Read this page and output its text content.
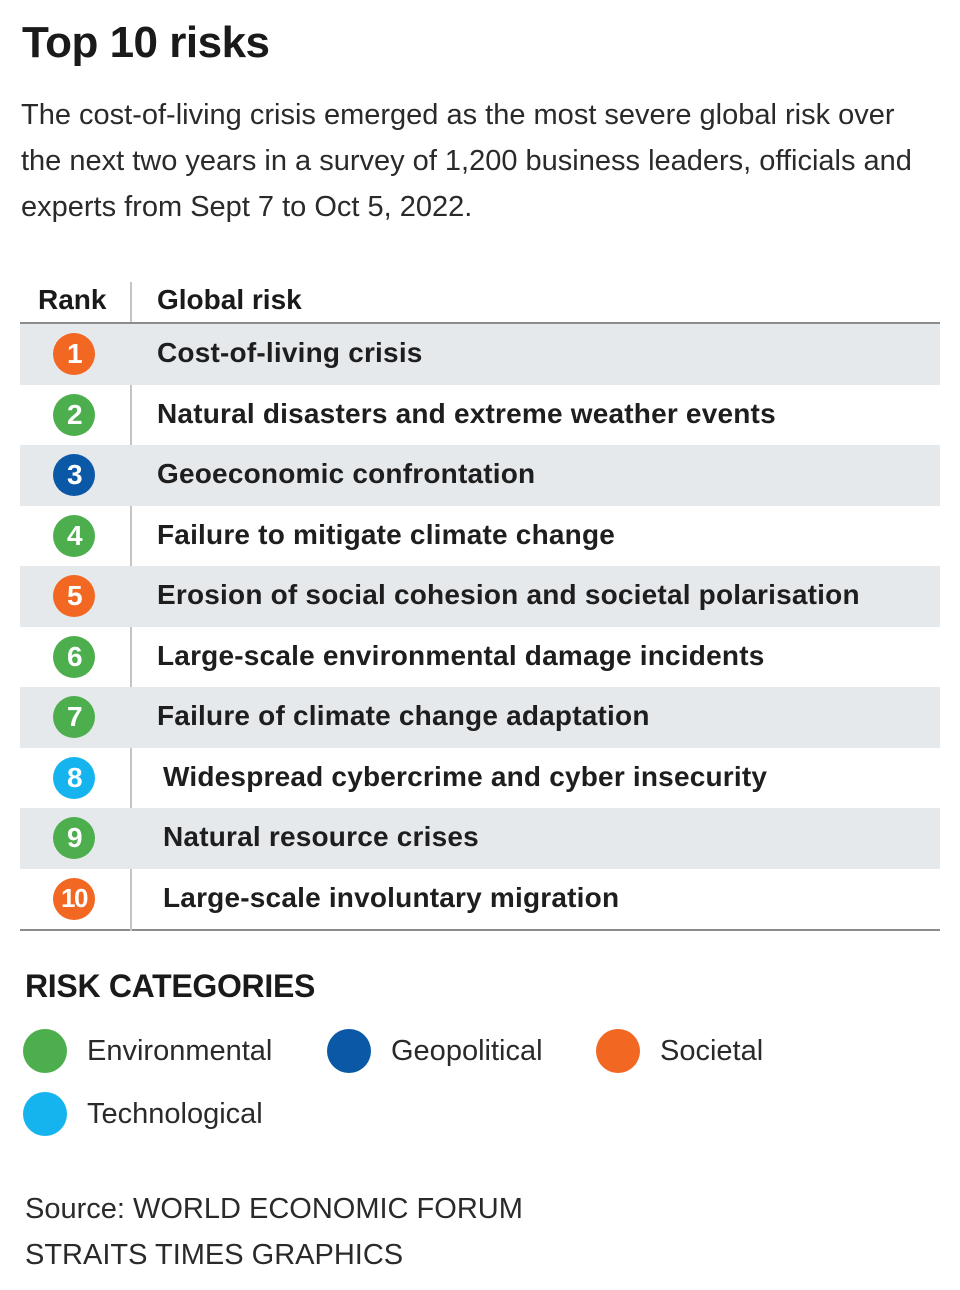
Top 10 risks
The cost-of-living crisis emerged as the most severe global risk over the next two years in a survey of 1,200 business leaders, officials and experts from Sept 7 to Oct 5, 2022.
Rank Global risk
1	Cost-of-living crisis
2	Natural disasters and extreme weather events
3	Geoeconomic confrontation
4	Failure to mitigate climate change
5	Erosion of social cohesion and societal polarisation
6	Large-scale environmental damage incidents
7	Failure of climate change adaptation
8	Widespread cybercrime and cyber insecurity
9	Natural resource crises
10	Large-scale involuntary migration
RISK CATEGORIES
Environmental	Geopolitical	Societal
Technological
Source: WORLD ECONOMIC FORUM
STRAITS TIMES GRAPHICS
